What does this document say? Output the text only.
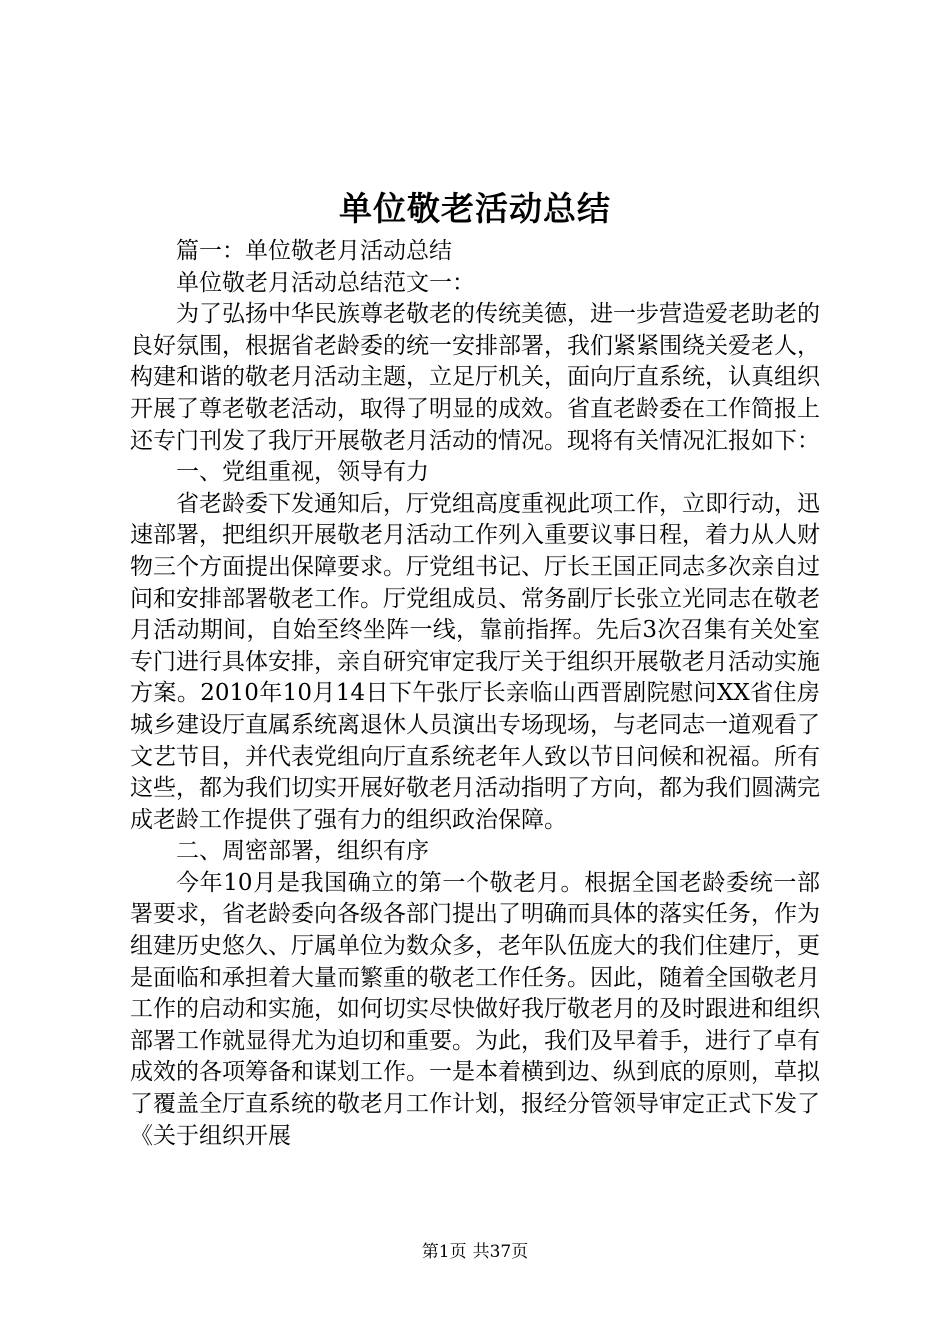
单位敬老活动总结

篇一：单位敬老月活动总结

单位敬老月活动总结范文一：

为了弘扬中华民族尊老敬老的传统美德，进一步营造爱老助老的良好氛围，根据省老龄委的统一安排部署，我们紧紧围绕关爱老人，构建和谐的敬老月活动主题，立足厅机关，面向厅直系统，认真组织开展了尊老敬老活动，取得了明显的成效。省直老龄委在工作简报上还专门刊发了我厅开展敬老月活动的情况。现将有关情况汇报如下：

一、党组重视，领导有力

省老龄委下发通知后，厅党组高度重视此项工作，立即行动，迅速部署，把组织开展敬老月活动工作列入重要议事日程，着力从人财物三个方面提出保障要求。厅党组书记、厅长王国正同志多次亲自过问和安排部署敬老工作。厅党组成员、常务副厅长张立光同志在敬老月活动期间，自始至终坐阵一线，靠前指挥。先后3次召集有关处室专门进行具体安排，亲自研究审定我厅关于组织开展敬老月活动实施方案。2010年10月14日下午张厅长亲临山西晋剧院慰问XX省住房城乡建设厅直属系统离退休人员演出专场现场，与老同志一道观看了文艺节目，并代表党组向厅直系统老年人致以节日问候和祝福。所有这些，都为我们切实开展好敬老月活动指明了方向，都为我们圆满完成老龄工作提供了强有力的组织政治保障。

二、周密部署，组织有序

今年10月是我国确立的第一个敬老月。根据全国老龄委统一部署要求，省老龄委向各级各部门提出了明确而具体的落实任务，作为组建历史悠久、厅属单位为数众多，老年队伍庞大的我们住建厅，更是面临和承担着大量而繁重的敬老工作任务。因此，随着全国敬老月工作的启动和实施，如何切实尽快做好我厅敬老月的及时跟进和组织部署工作就显得尤为迫切和重要。为此，我们及早着手，进行了卓有成效的各项筹备和谋划工作。一是本着横到边、纵到底的原则，草拟了覆盖全厅直系统的敬老月工作计划，报经分管领导审定正式下发了《关于组织开展

第1页 共37页
